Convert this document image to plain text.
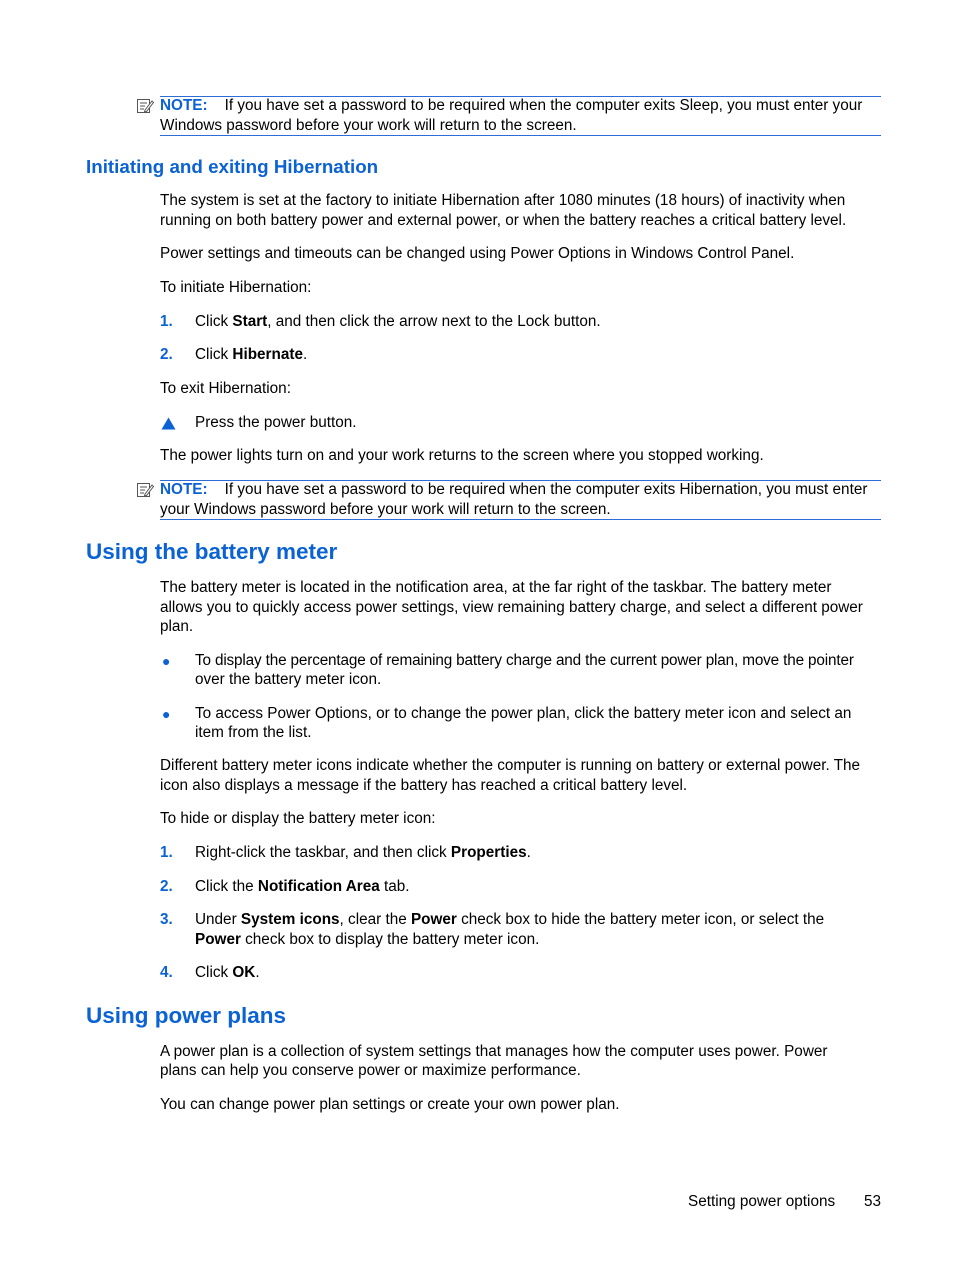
NOTE: If you have set a password to be required when the computer exits Sleep, you must enter your
Windows password before your work will return to the screen.
Initiating and exiting Hibernation
The system is set at the factory to initiate Hibernation after 1080 minutes (18 hours) of inactivity when
running on both battery power and external power, or when the battery reaches a critical battery level.
Power settings and timeouts can be changed using Power Options in Windows Control Panel.
To initiate Hibernation:
1. Click Start, and then click the arrow next to the Lock button.
2. Click Hibernate.
To exit Hibernation:
Press the power button.
The power lights turn on and your work returns to the screen where you stopped working.
NOTE: If you have set a password to be required when the computer exits Hibernation, you must enter
your Windows password before your work will return to the screen.
Using the battery meter
The battery meter is located in the notification area, at the far right of the taskbar. The battery meter
allows you to quickly access power settings, view remaining battery charge, and select a different power
plan.
● To display the percentage of remaining battery charge and the current power plan, move the pointer
over the battery meter icon.
● To access Power Options, or to change the power plan, click the battery meter icon and select an
item from the list.
Different battery meter icons indicate whether the computer is running on battery or external power. The
icon also displays a message if the battery has reached a critical battery level.
To hide or display the battery meter icon:
1. Right-click the taskbar, and then click Properties.
2. Click the Notification Area tab.
3. Under System icons, clear the Power check box to hide the battery meter icon, or select the
Power check box to display the battery meter icon.
4. Click OK.
Using power plans
A power plan is a collection of system settings that manages how the computer uses power. Power
plans can help you conserve power or maximize performance.
You can change power plan settings or create your own power plan.
Setting power options 53
